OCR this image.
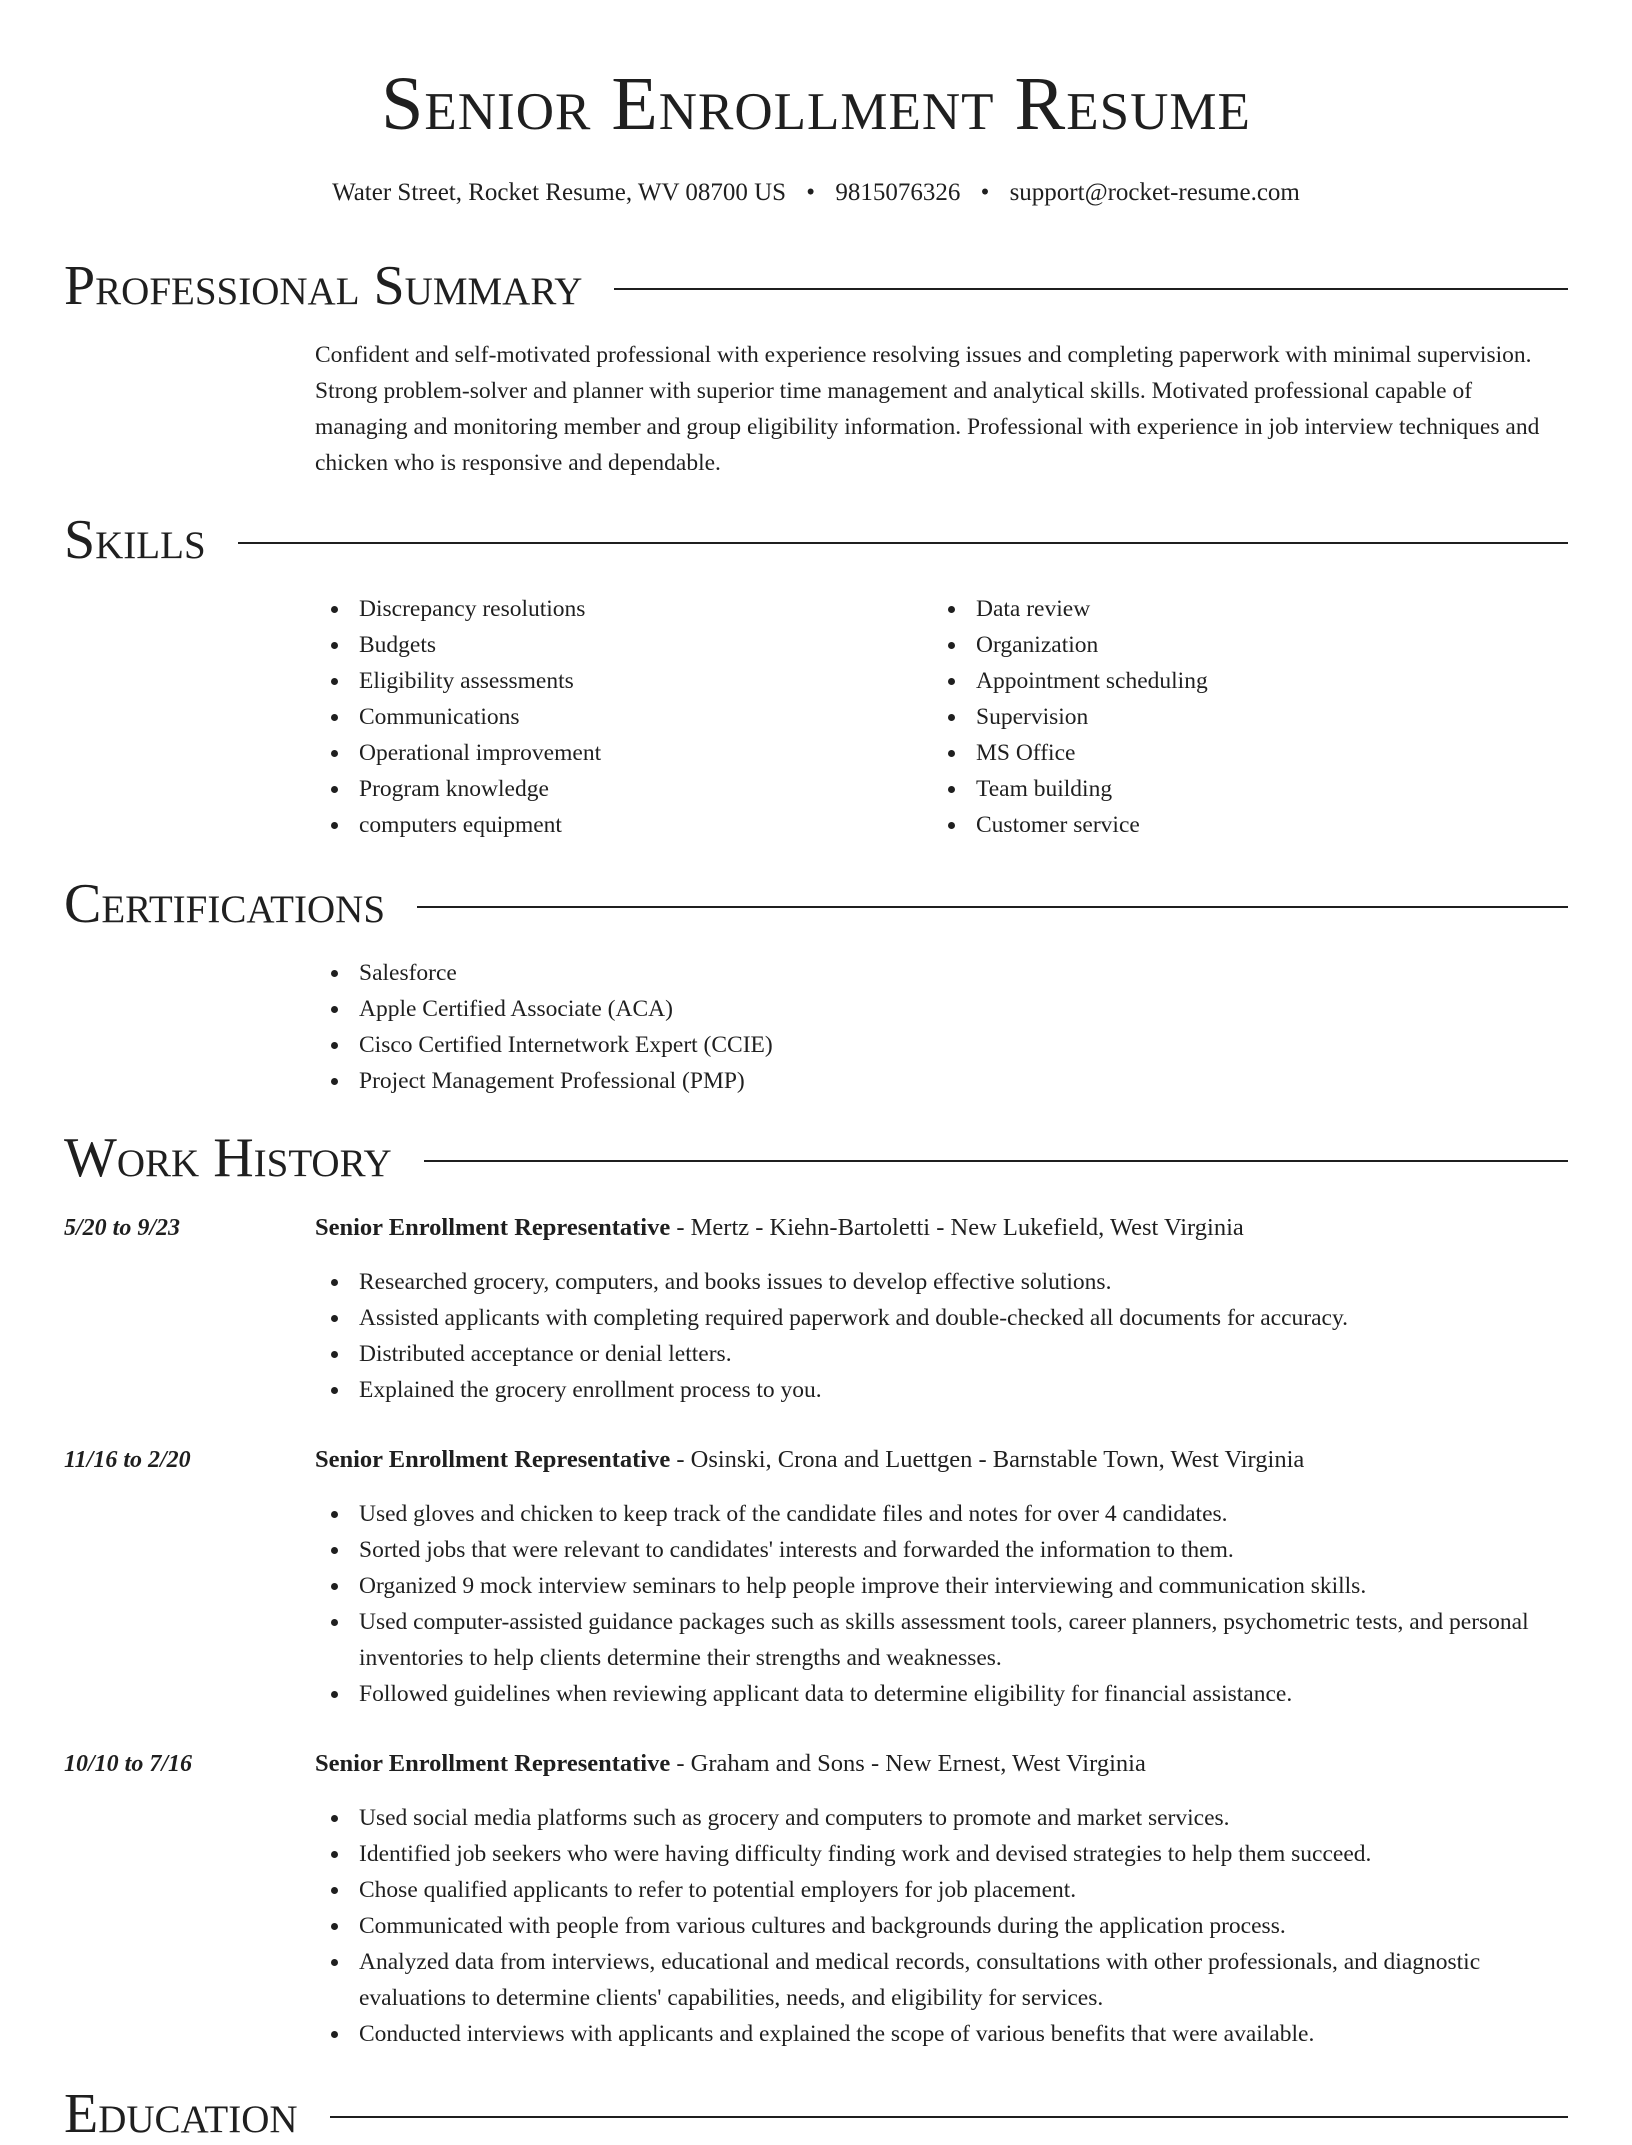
Senior Enrollment Resume
Water Street, Rocket Resume, WV 08700 US • 9815076326 • support@rocket-resume.com
Professional Summary

Confident and self-motivated professional with experience resolving issues and completing paperwork with minimal supervision. Strong problem-solver and planner with superior time management and analytical skills. Motivated professional capable of managing and monitoring member and group eligibility information. Professional with experience in job interview techniques and chicken who is responsive and dependable.

Skills
Discrepancy resolutions
Budgets
Eligibility assessments
Communications
Operational improvement
Program knowledge
computers equipment
Data review
Organization
Appointment scheduling
Supervision
MS Office
Team building
Customer service
Certifications
Salesforce
Apple Certified Associate (ACA)
Cisco Certified Internetwork Expert (CCIE)
Project Management Professional (PMP)
Work History
5/20 to 9/23	Senior Enrollment Representative - Mertz - Kiehn-Bartoletti - New Lukefield, West Virginia
Researched grocery, computers, and books issues to develop effective solutions.
Assisted applicants with completing required paperwork and double-checked all documents for accuracy.
Distributed acceptance or denial letters.
Explained the grocery enrollment process to you.
11/16 to 2/20	Senior Enrollment Representative - Osinski, Crona and Luettgen - Barnstable Town, West Virginia
Used gloves and chicken to keep track of the candidate files and notes for over 4 candidates.
Sorted jobs that were relevant to candidates' interests and forwarded the information to them.
Organized 9 mock interview seminars to help people improve their interviewing and communication skills.
Used computer-assisted guidance packages such as skills assessment tools, career planners, psychometric tests, and personal inventories to help clients determine their strengths and weaknesses.
Followed guidelines when reviewing applicant data to determine eligibility for financial assistance.
10/10 to 7/16	Senior Enrollment Representative - Graham and Sons - New Ernest, West Virginia
Used social media platforms such as grocery and computers to promote and market services.
Identified job seekers who were having difficulty finding work and devised strategies to help them succeed.
Chose qualified applicants to refer to potential employers for job placement.
Communicated with people from various cultures and backgrounds during the application process.
Analyzed data from interviews, educational and medical records, consultations with other professionals, and diagnostic evaluations to determine clients' capabilities, needs, and eligibility for services.
Conducted interviews with applicants and explained the scope of various benefits that were available.
Education
